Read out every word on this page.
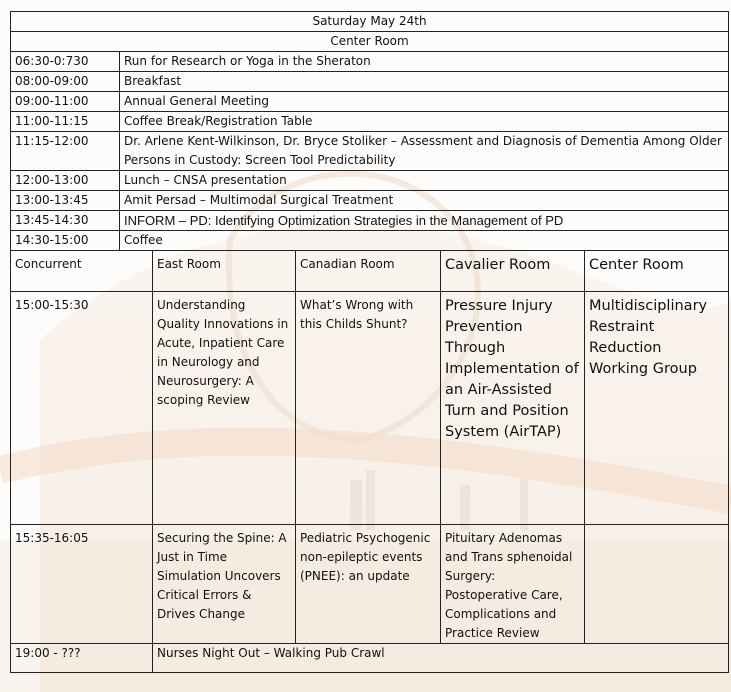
Saturday May 24th					
Center Room					
06:30-0:730	Run for Research or Yoga in the Sheraton				
08:00-09:00	Breakfast				
09:00-11:00	Annual General Meeting				
11:00-11:15	Coffee Break/Registration Table				
11:15-12:00	Dr. Arlene Kent-Wilkinson, Dr. Bryce Stoliker – Assessment and Diagnosis of Dementia Among Older Persons in Custody: Screen Tool Predictability				
12:00-13:00	Lunch – CNSA presentation				
13:00-13:45	Amit Persad – Multimodal Surgical Treatment				
13:45-14:30	INFORM – PD: Identifying Optimization Strategies in the Management of PD				
14:30-15:00	Coffee				
Concurrent		East Room	Canadian Room	Cavalier Room	Center Room
15:00-15:30		Understanding Quality Innovations in Acute, Inpatient Care in Neurology and Neurosurgery: A scoping Review	What’s Wrong with this Childs Shunt?	Pressure Injury Prevention Through Implementation of an Air-Assisted Turn and Position System (AirTAP)	Multidisciplinary Restraint Reduction Working Group
15:35-16:05		Securing the Spine: A Just in Time Simulation Uncovers Critical Errors & Drives Change	Pediatric Psychogenic non-epileptic events (PNEE): an update	Pituitary Adenomas and Trans sphenoidal Surgery: Postoperative Care, Complications and Practice Review	
19:00 - ???		Nurses Night Out – Walking Pub Crawl			
